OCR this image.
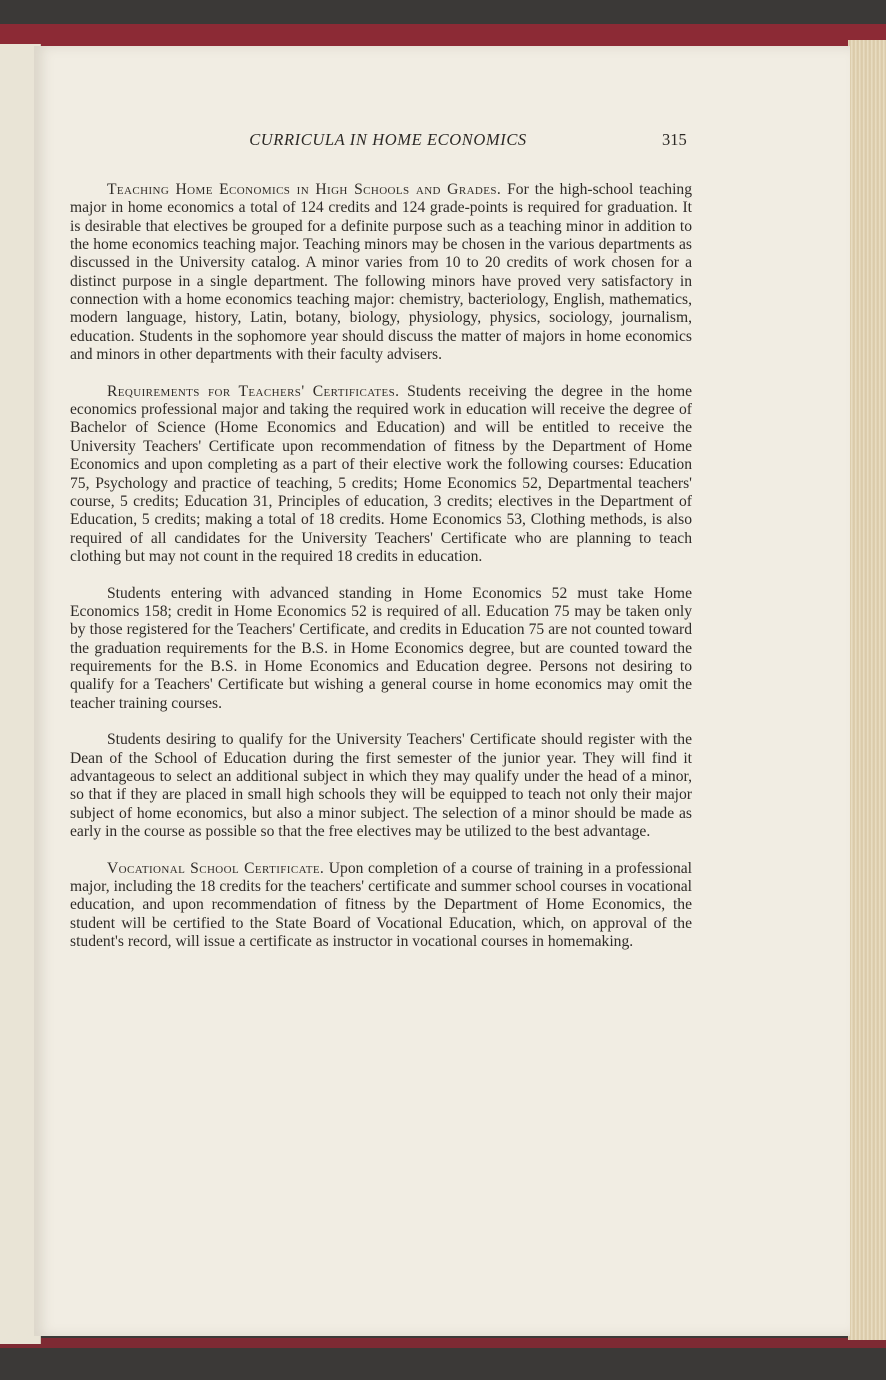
CURRICULA IN HOME ECONOMICS	315

Teaching Home Economics in High Schools and Grades. For the high-school teaching major in home economics a total of 124 credits and 124 grade-points is required for graduation. It is desirable that electives be grouped for a definite purpose such as a teaching minor in addition to the home economics teaching major. Teaching minors may be chosen in the various departments as discussed in the University catalog. A minor varies from 10 to 20 credits of work chosen for a distinct purpose in a single department. The following minors have proved very satisfactory in connection with a home economics teaching major: chemistry, bacteriology, English, mathematics, modern language, history, Latin, botany, biology, physiology, physics, sociology, journalism, education. Students in the sophomore year should discuss the matter of majors in home economics and minors in other departments with their faculty advisers.

Requirements for Teachers' Certificates. Students receiving the degree in the home economics professional major and taking the required work in education will receive the degree of Bachelor of Science (Home Economics and Education) and will be entitled to receive the University Teachers' Certificate upon recommendation of fitness by the Department of Home Economics and upon completing as a part of their elective work the following courses: Education 75, Psychology and practice of teaching, 5 credits; Home Economics 52, Departmental teachers' course, 5 credits; Education 31, Principles of education, 3 credits; electives in the Department of Education, 5 credits; making a total of 18 credits. Home Economics 53, Clothing methods, is also required of all candidates for the University Teachers' Certificate who are planning to teach clothing but may not count in the required 18 credits in education.

Students entering with advanced standing in Home Economics 52 must take Home Economics 158; credit in Home Economics 52 is required of all. Education 75 may be taken only by those registered for the Teachers' Certificate, and credits in Education 75 are not counted toward the graduation requirements for the B.S. in Home Economics degree, but are counted toward the requirements for the B.S. in Home Economics and Education degree. Persons not desiring to qualify for a Teachers' Certificate but wishing a general course in home economics may omit the teacher training courses.

Students desiring to qualify for the University Teachers' Certificate should register with the Dean of the School of Education during the first semester of the junior year. They will find it advantageous to select an additional subject in which they may qualify under the head of a minor, so that if they are placed in small high schools they will be equipped to teach not only their major subject of home economics, but also a minor subject. The selection of a minor should be made as early in the course as possible so that the free electives may be utilized to the best advantage.

Vocational School Certificate. Upon completion of a course of training in a professional major, including the 18 credits for the teachers' certificate and summer school courses in vocational education, and upon recommendation of fitness by the Department of Home Economics, the student will be certified to the State Board of Vocational Education, which, on approval of the student's record, will issue a certificate as instructor in vocational courses in homemaking.
